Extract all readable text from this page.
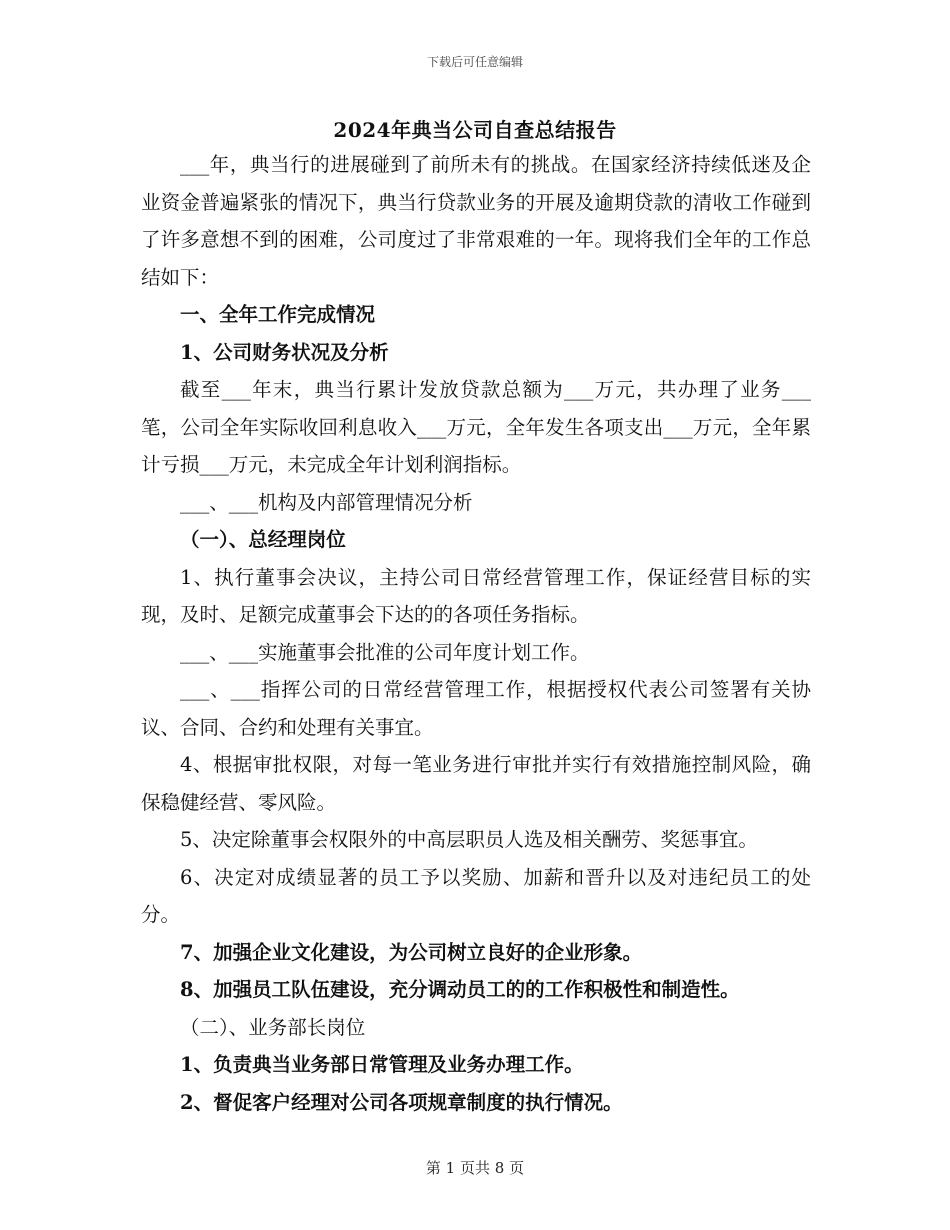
下载后可任意编辑
2024年典当公司自查总结报告

___年，典当行的进展碰到了前所未有的挑战。在国家经济持续低迷及企业资金普遍紧张的情况下，典当行贷款业务的开展及逾期贷款的清收工作碰到了许多意想不到的困难，公司度过了非常艰难的一年。现将我们全年的工作总结如下：

一、全年工作完成情况

1、公司财务状况及分析

截至___年末，典当行累计发放贷款总额为___万元，共办理了业务___笔，公司全年实际收回利息收入___万元，全年发生各项支出___万元，全年累计亏损___万元，未完成全年计划利润指标。

___、___机构及内部管理情况分析

（一）、总经理岗位

1、执行董事会决议，主持公司日常经营管理工作，保证经营目标的实现，及时、足额完成董事会下达的的各项任务指标。

___、___实施董事会批准的公司年度计划工作。

___、___指挥公司的日常经营管理工作，根据授权代表公司签署有关协议、合同、合约和处理有关事宜。

4、根据审批权限，对每一笔业务进行审批并实行有效措施控制风险，确保稳健经营、零风险。

5、决定除董事会权限外的中高层职员人选及相关酬劳、奖惩事宜。

6、决定对成绩显著的员工予以奖励、加薪和晋升以及对违纪员工的处分。

7、加强企业文化建设，为公司树立良好的企业形象。

8、加强员工队伍建设，充分调动员工的的工作积极性和制造性。

（二）、业务部长岗位

1、负责典当业务部日常管理及业务办理工作。

2、督促客户经理对公司各项规章制度的执行情况。

第 1 页共 8 页
